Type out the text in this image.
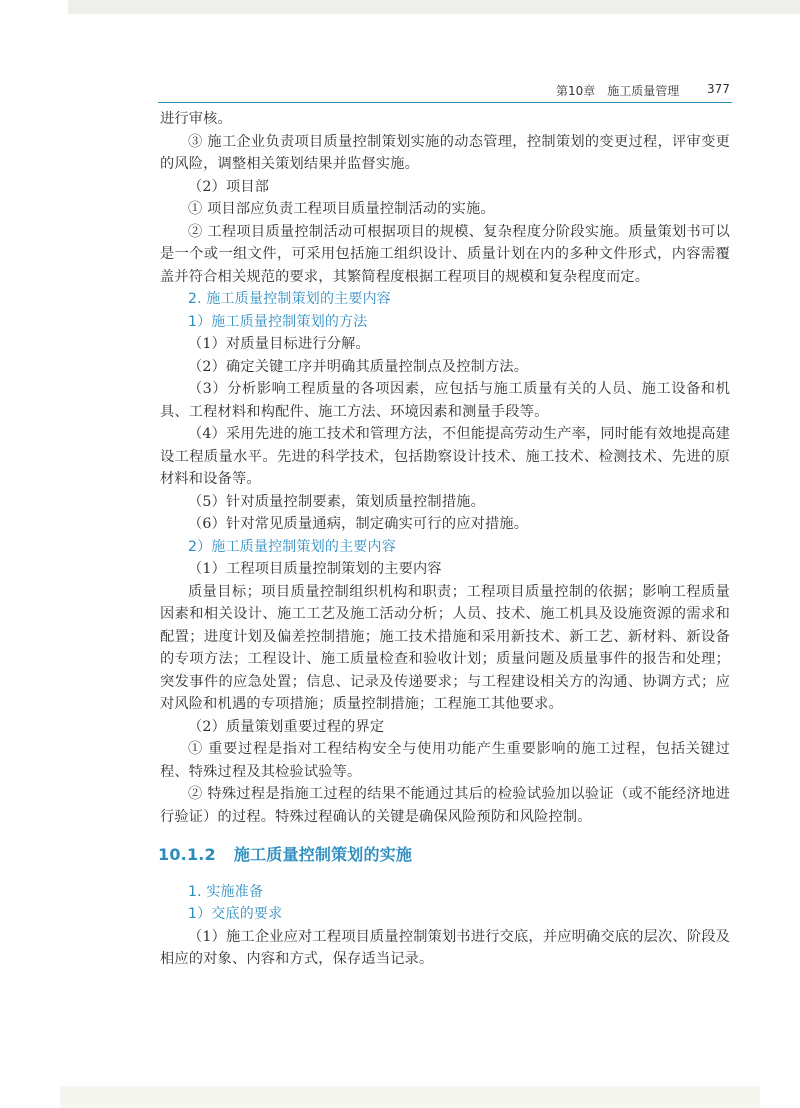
第10章　施工质量管理 377

进行审核。

③ 施工企业负责项目质量控制策划实施的动态管理，控制策划的变更过程，评审变更的风险，调整相关策划结果并监督实施。

（2）项目部

① 项目部应负责工程项目质量控制活动的实施。

② 工程项目质量控制活动可根据项目的规模、复杂程度分阶段实施。质量策划书可以是一个或一组文件，可采用包括施工组织设计、质量计划在内的多种文件形式，内容需覆盖并符合相关规范的要求，其繁简程度根据工程项目的规模和复杂程度而定。

2. 施工质量控制策划的主要内容

1）施工质量控制策划的方法

（1）对质量目标进行分解。

（2）确定关键工序并明确其质量控制点及控制方法。

（3）分析影响工程质量的各项因素，应包括与施工质量有关的人员、施工设备和机具、工程材料和构配件、施工方法、环境因素和测量手段等。

（4）采用先进的施工技术和管理方法，不但能提高劳动生产率，同时能有效地提高建设工程质量水平。先进的科学技术，包括勘察设计技术、施工技术、检测技术、先进的原材料和设备等。

（5）针对质量控制要素，策划质量控制措施。

（6）针对常见质量通病，制定确实可行的应对措施。

2）施工质量控制策划的主要内容

（1）工程项目质量控制策划的主要内容

质量目标；项目质量控制组织机构和职责；工程项目质量控制的依据；影响工程质量因素和相关设计、施工工艺及施工活动分析；人员、技术、施工机具及设施资源的需求和配置；进度计划及偏差控制措施；施工技术措施和采用新技术、新工艺、新材料、新设备的专项方法；工程设计、施工质量检查和验收计划；质量问题及质量事件的报告和处理；突发事件的应急处置；信息、记录及传递要求；与工程建设相关方的沟通、协调方式；应对风险和机遇的专项措施；质量控制措施；工程施工其他要求。

（2）质量策划重要过程的界定

① 重要过程是指对工程结构安全与使用功能产生重要影响的施工过程，包括关键过程、特殊过程及其检验试验等。

② 特殊过程是指施工过程的结果不能通过其后的检验试验加以验证（或不能经济地进行验证）的过程。特殊过程确认的关键是确保风险预防和风险控制。

10.1.2 施工质量控制策划的实施

1. 实施准备

1）交底的要求

（1）施工企业应对工程项目质量控制策划书进行交底，并应明确交底的层次、阶段及相应的对象、内容和方式，保存适当记录。
